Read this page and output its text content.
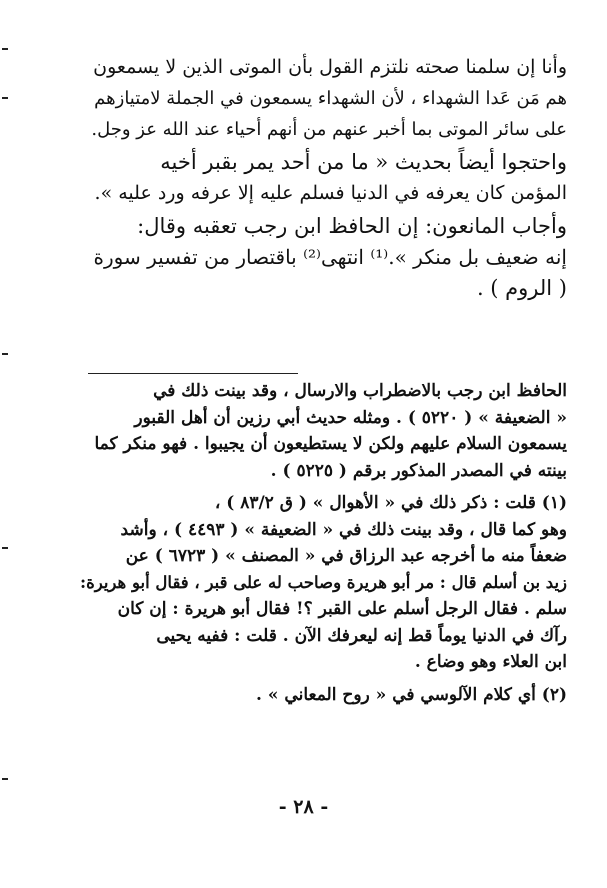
وأنا إن سلمنا صحته نلتزم القول بأن الموتى الذين لا يسمعون
هم مَن عَدا الشهداء ، لأن الشهداء يسمعون في الجملة لامتيازهم
على سائر الموتى بما أخبر عنهم من أنهم أحياء عند الله عز وجل.

واحتجوا أيضاً بحديث « ما من أحد يمر بقبر أخيه
المؤمن كان يعرفه في الدنيا فسلم عليه إلا عرفه ورد عليه ».

وأجاب المانعون: إن الحافظ ابن رجب تعقبه وقال:
إنه ضعيف بل منكر ».⁽¹⁾ انتهى⁽²⁾ باقتصار من تفسير سورة
( الروم ) .

الحافظ ابن رجب بالاضطراب والارسال ، وقد بينت ذلك في
« الضعيفة » ( ٥٢٢٠ ) . ومثله حديث أبي رزين أن أهل القبور
يسمعون السلام عليهم ولكن لا يستطيعون أن يجيبوا . فهو منكر كما
بينته في المصدر المذكور برقم ( ٥٢٢٥ ) .

(١) قلت : ذكر ذلك في « الأهوال » ( ق ٨٣/٢ ) ،
وهو كما قال ، وقد بينت ذلك في « الضعيفة » ( ٤٤٩٣ ) ، وأشد
ضعفاً منه ما أخرجه عبد الرزاق في « المصنف » ( ٦٧٢٣ ) عن
زيد بن أسلم قال : مر أبو هريرة وصاحب له على قبر ، فقال أبو هريرة:
سلم . فقال الرجل أسلم على القبر ؟! فقال أبو هريرة : إن كان
رآك في الدنيا يوماً قط إنه ليعرفك الآن . قلت : ففيه يحيى
ابن العلاء وهو وضاع .

(٢) أي كلام الآلوسي في « روح المعاني » .

- ٢٨ -
